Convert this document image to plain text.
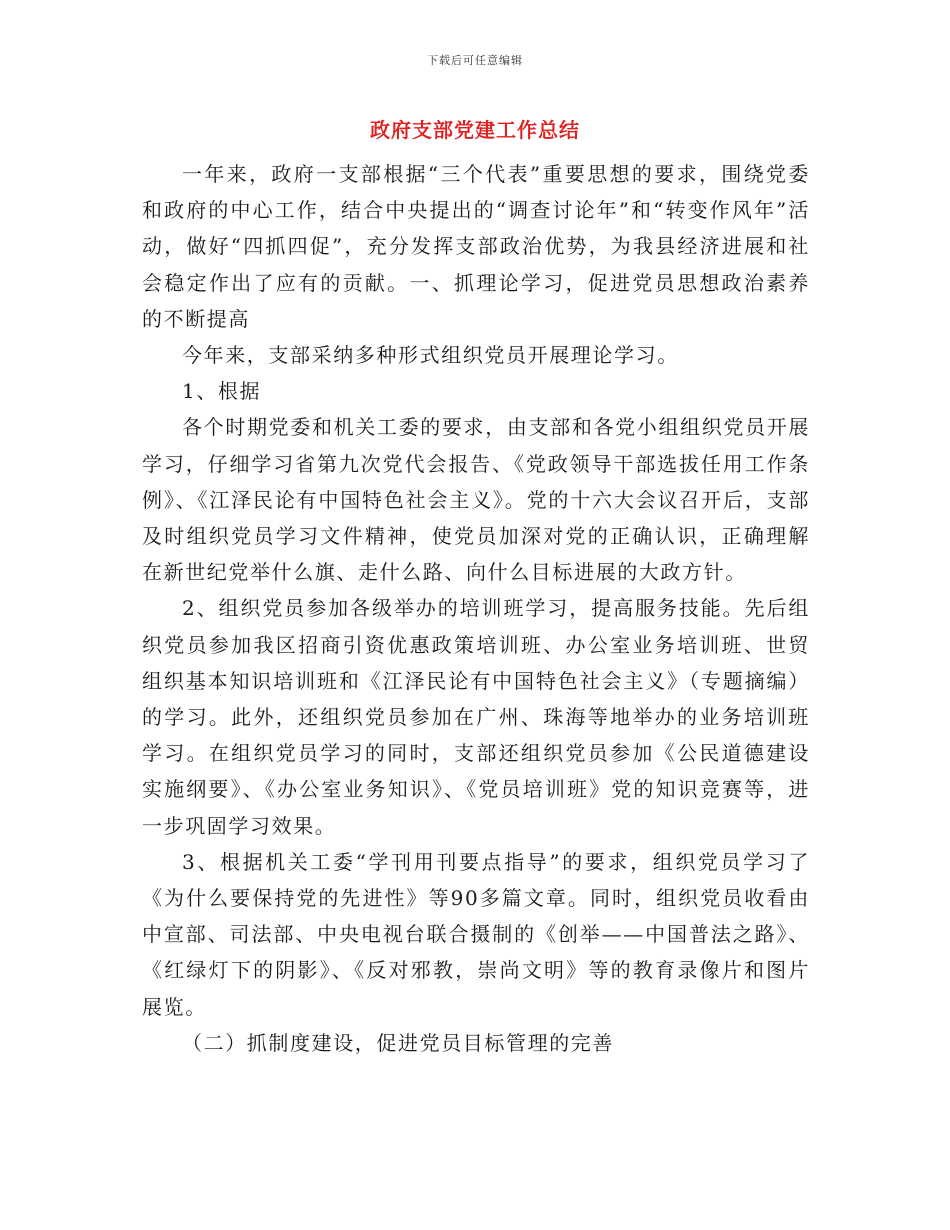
下载后可任意编辑
政府支部党建工作总结

一年来，政府一支部根据“三个代表”重要思想的要求，围绕党委和政府的中心工作，结合中央提出的“调查讨论年”和“转变作风年”活动，做好“四抓四促”，充分发挥支部政治优势，为我县经济进展和社会稳定作出了应有的贡献。一、抓理论学习，促进党员思想政治素养的不断提高

今年来，支部采纳多种形式组织党员开展理论学习。

1、根据

各个时期党委和机关工委的要求，由支部和各党小组组织党员开展学习，仔细学习省第九次党代会报告、《党政领导干部选拔任用工作条例》、《江泽民论有中国特色社会主义》。党的十六大会议召开后，支部及时组织党员学习文件精神，使党员加深对党的正确认识，正确理解在新世纪党举什么旗、走什么路、向什么目标进展的大政方针。

2、组织党员参加各级举办的培训班学习，提高服务技能。先后组织党员参加我区招商引资优惠政策培训班、办公室业务培训班、世贸组织基本知识培训班和《江泽民论有中国特色社会主义》（专题摘编）的学习。此外，还组织党员参加在广州、珠海等地举办的业务培训班学习。在组织党员学习的同时，支部还组织党员参加《公民道德建设实施纲要》、《办公室业务知识》、《党员培训班》党的知识竞赛等，进一步巩固学习效果。

3、根据机关工委“学刊用刊要点指导”的要求，组织党员学习了《为什么要保持党的先进性》等90多篇文章。同时，组织党员收看由中宣部、司法部、中央电视台联合摄制的《创举——中国普法之路》、《红绿灯下的阴影》、《反对邪教，崇尚文明》等的教育录像片和图片展览。

（二）抓制度建设，促进党员目标管理的完善
